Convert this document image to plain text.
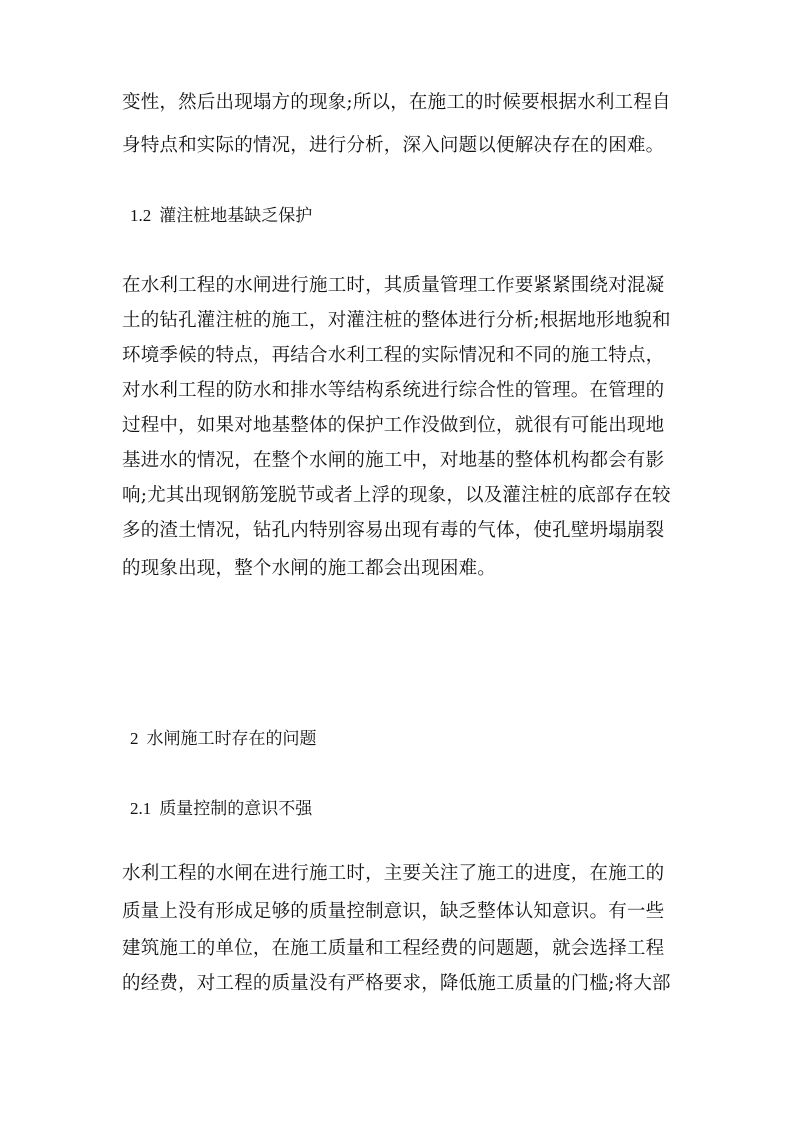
变性，然后出现塌方的现象;所以，在施工的时候要根据水利工程自
身特点和实际的情况，进行分析，深入问题以便解决存在的困难。
1.2 灌注桩地基缺乏保护
在水利工程的水闸进行施工时，其质量管理工作要紧紧围绕对混凝
土的钻孔灌注桩的施工，对灌注桩的整体进行分析;根据地形地貌和
环境季候的特点，再结合水利工程的实际情况和不同的施工特点，
对水利工程的防水和排水等结构系统进行综合性的管理。在管理的
过程中，如果对地基整体的保护工作没做到位，就很有可能出现地
基进水的情况，在整个水闸的施工中，对地基的整体机构都会有影
响;尤其出现钢筋笼脱节或者上浮的现象，以及灌注桩的底部存在较
多的渣土情况，钻孔内特别容易出现有毒的气体，使孔壁坍塌崩裂
的现象出现，整个水闸的施工都会出现困难。
2 水闸施工时存在的问题
2.1 质量控制的意识不强
水利工程的水闸在进行施工时，主要关注了施工的进度，在施工的
质量上没有形成足够的质量控制意识，缺乏整体认知意识。有一些
建筑施工的单位，在施工质量和工程经费的问题题，就会选择工程
的经费，对工程的质量没有严格要求，降低施工质量的门槛;将大部
